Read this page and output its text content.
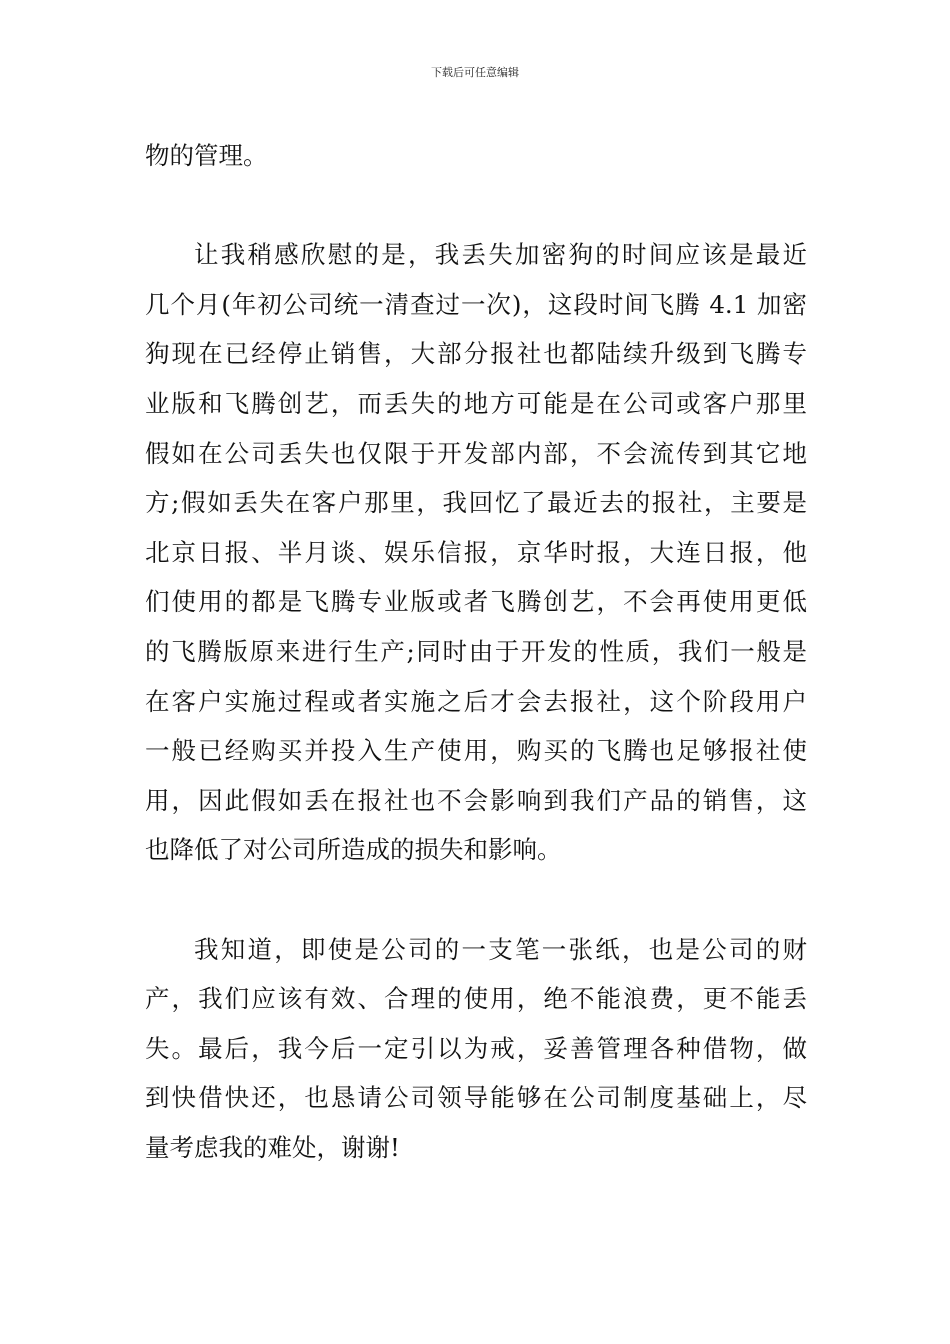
下载后可任意编辑
物的管理。
让我稍感欣慰的是，我丢失加密狗的时间应该是最近
几个月(年初公司统一清查过一次)，这段时间飞腾 4.1 加密
狗现在已经停止销售，大部分报社也都陆续升级到飞腾专
业版和飞腾创艺，而丢失的地方可能是在公司或客户那里
假如在公司丢失也仅限于开发部内部，不会流传到其它地
方;假如丢失在客户那里，我回忆了最近去的报社，主要是
北京日报、半月谈、娱乐信报，京华时报，大连日报，他
们使用的都是飞腾专业版或者飞腾创艺，不会再使用更低
的飞腾版原来进行生产;同时由于开发的性质，我们一般是
在客户实施过程或者实施之后才会去报社，这个阶段用户
一般已经购买并投入生产使用，购买的飞腾也足够报社使
用，因此假如丢在报社也不会影响到我们产品的销售，这
也降低了对公司所造成的损失和影响。
我知道，即使是公司的一支笔一张纸，也是公司的财
产，我们应该有效、合理的使用，绝不能浪费，更不能丢
失。最后，我今后一定引以为戒，妥善管理各种借物，做
到快借快还，也恳请公司领导能够在公司制度基础上，尽
量考虑我的难处，谢谢!
